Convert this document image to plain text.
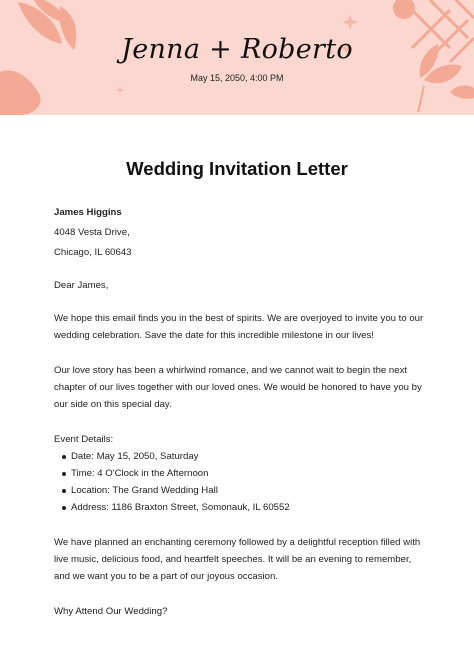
Jenna + Roberto
May 15, 2050, 4:00 PM
Wedding Invitation Letter

James Higgins

4048 Vesta Drive,

Chicago, IL 60643

Dear James,

We hope this email finds you in the best of spirits. We are overjoyed to invite you to our wedding celebration. Save the date for this incredible milestone in our lives!

Our love story has been a whirlwind romance, and we cannot wait to begin the next chapter of our lives together with our loved ones. We would be honored to have you by our side on this special day.

Event Details:

Date: May 15, 2050, Saturday
Time: 4 O'Clock in the Afternoon
Location: The Grand Wedding Hall
Address: 1186 Braxton Street, Somonauk, IL 60552

We have planned an enchanting ceremony followed by a delightful reception filled with live music, delicious food, and heartfelt speeches. It will be an evening to remember, and we want you to be a part of our joyous occasion.

Why Attend Our Wedding?
